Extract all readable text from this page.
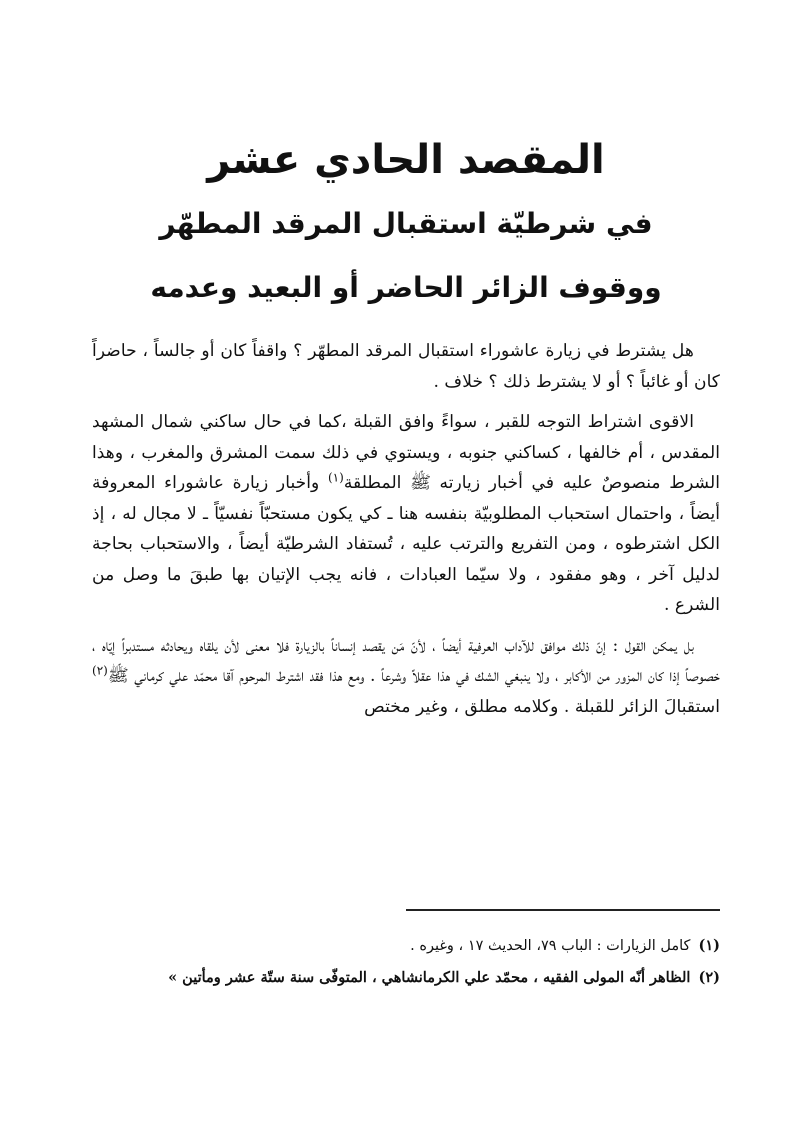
المقصد الحادي عشر
في شرطيّة استقبال المرقد المطهّر
ووقوف الزائر الحاضر أو البعيد وعدمه

هل يشترط في زيارة عاشوراء استقبال المرقد المطهّر ؟ واقفاً كان أو جالساً ، حاضراً كان أو غائباً ؟ أو لا يشترط ذلك ؟ خلاف .

الاقوى اشتراط التوجه للقبر ، سواءً وافق القبلة ،كما في حال ساكني شمال المشهد المقدس ، أم خالفها ، كساكني جنوبه ، ويستوي في ذلك سمت المشرق والمغرب ، وهذا الشرط منصوصٌ عليه في أخبار زيارته ﷺ المطلقة$^{(١)}$ وأخبار زيارة عاشوراء المعروفة أيضاً ، واحتمال استحباب المطلوبيّة بنفسه هنا ـ كي يكون مستحبّاً نفسيّاً ـ لا مجال له ، إذ الكل اشترطوه ، ومن التفريع والترتب عليه ، تُستفاد الشرطيّة أيضاً ، والاستحباب بحاجة لدليل آخر ، وهو مفقود ، ولا سيّما العبادات ، فانه يجب الإتيان بها طبقَ ما وصل من الشرع .

بل يمكن القول : إنّ ذلك موافق للآداب العرفية أيضاً ، لأنّ مَن يقصد إنساناً بالزيارة فلا معنى لأن يلقاه ويحادثه مستدبراً إيّاه ، خصوصاً إذا كان المزور من الأكابر ، ولا ينبغي الشك في هذا عقلاً وشرعاً . ومع هذا فقد اشترط المرحوم آقا محمّد علي كرماني ﷺ$^{(٢)}$ استقبالَ الزائر للقبلة . وكلامه مطلق ، وغير مختص

(١)كامل الزيارات : الباب ٧٩، الحديث ١٧ ، وغيره .

(٢)الظاهر أنّه المولى الفقيه ، محمّد علي الكرمانشاهي ، المتوفّى سنة ستّة عشر ومأتين »
